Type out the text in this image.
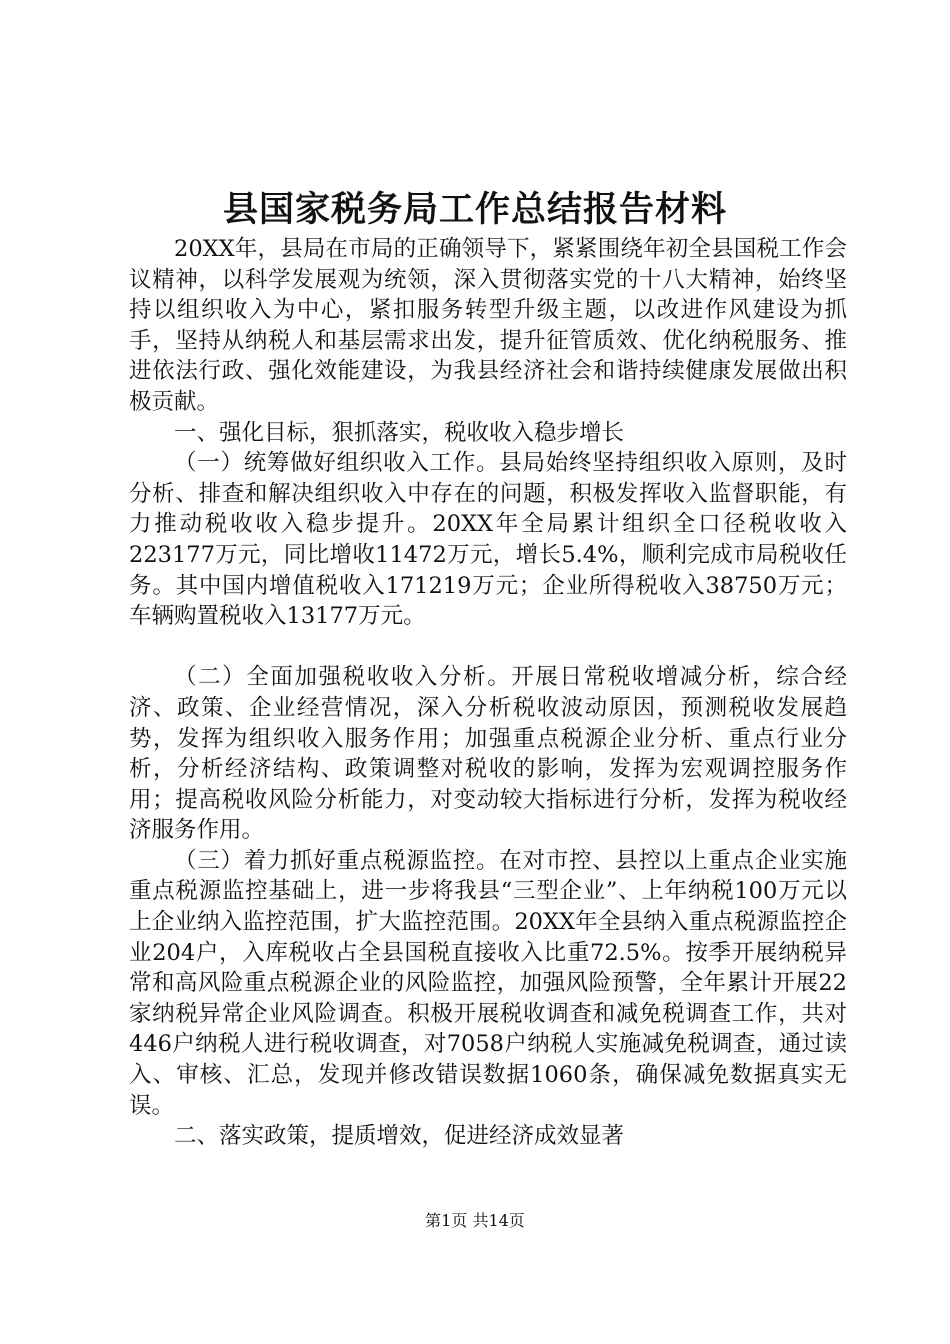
县国家税务局工作总结报告材料

20XX年，县局在市局的正确领导下，紧紧围绕年初全县国税工作会议精神，以科学发展观为统领，深入贯彻落实党的十八大精神，始终坚持以组织收入为中心，紧扣服务转型升级主题，以改进作风建设为抓手，坚持从纳税人和基层需求出发，提升征管质效、优化纳税服务、推进依法行政、强化效能建设，为我县经济社会和谐持续健康发展做出积极贡献。

一、强化目标，狠抓落实，税收收入稳步增长

（一）统筹做好组织收入工作。县局始终坚持组织收入原则，及时分析、排查和解决组织收入中存在的问题，积极发挥收入监督职能，有力推动税收收入稳步提升。20XX年全局累计组织全口径税收收入223177万元，同比增收11472万元，增长5.4%，顺利完成市局税收任务。其中国内增值税收入171219万元；企业所得税收入38750万元；车辆购置税收入13177万元。

（二）全面加强税收收入分析。开展日常税收增减分析，综合经济、政策、企业经营情况，深入分析税收波动原因，预测税收发展趋势，发挥为组织收入服务作用；加强重点税源企业分析、重点行业分析，分析经济结构、政策调整对税收的影响，发挥为宏观调控服务作用；提高税收风险分析能力，对变动较大指标进行分析，发挥为税收经济服务作用。

（三）着力抓好重点税源监控。在对市控、县控以上重点企业实施重点税源监控基础上，进一步将我县“三型企业”、上年纳税100万元以上企业纳入监控范围，扩大监控范围。20XX年全县纳入重点税源监控企业204户，入库税收占全县国税直接收入比重72.5%。按季开展纳税异常和高风险重点税源企业的风险监控，加强风险预警，全年累计开展22家纳税异常企业风险调查。积极开展税收调查和减免税调查工作，共对446户纳税人进行税收调查，对7058户纳税人实施减免税调查，通过读入、审核、汇总，发现并修改错误数据1060条，确保减免数据真实无误。

二、落实政策，提质增效，促进经济成效显著

第1页 共14页
